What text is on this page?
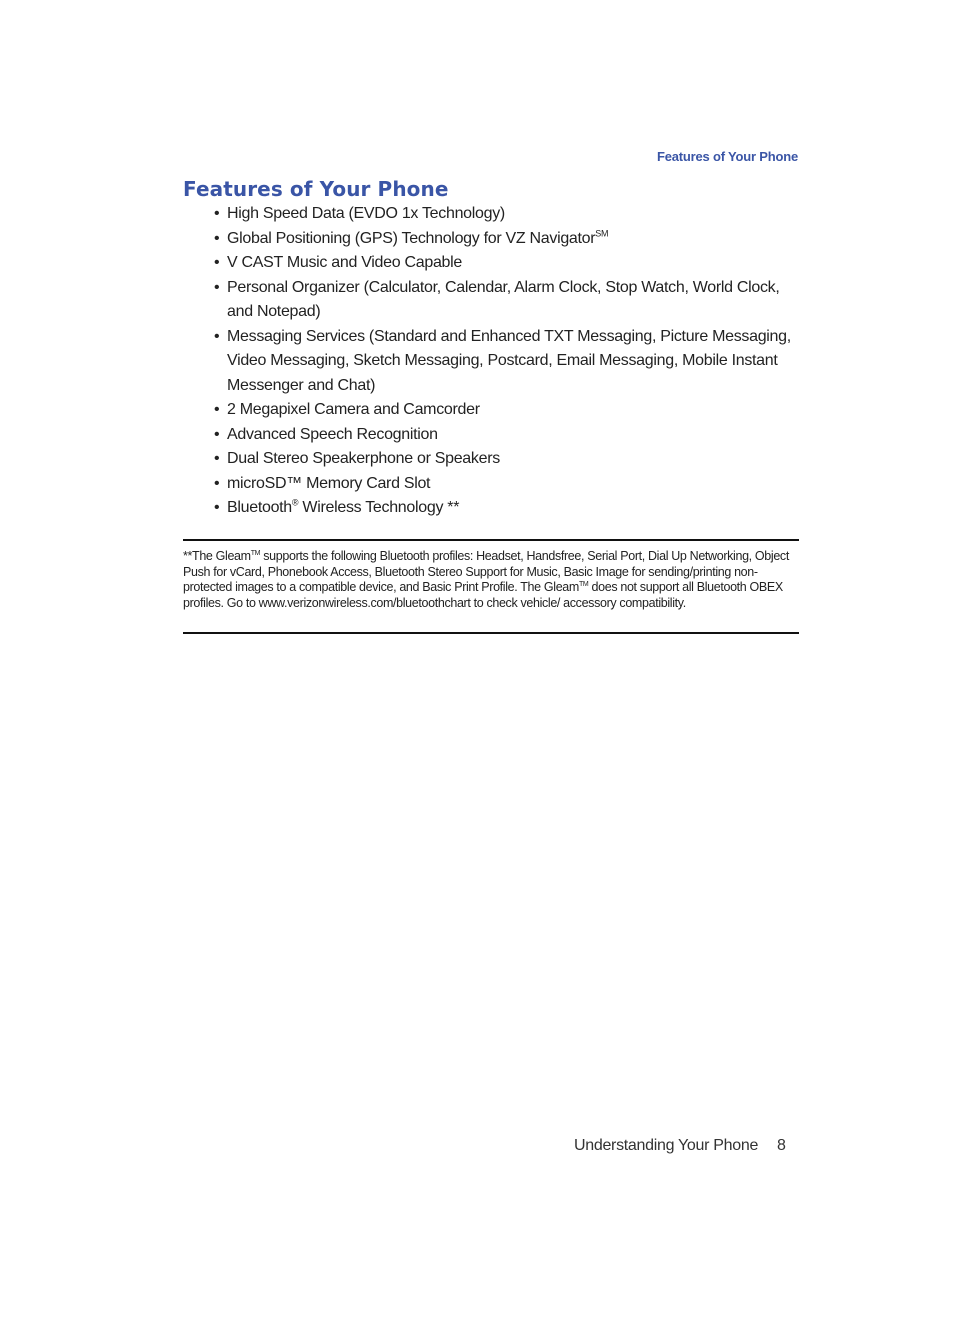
Features of Your Phone
Features of Your Phone
• High Speed Data (EVDO 1x Technology)
• Global Positioning (GPS) Technology for VZ Navigator℠
• V CAST Music and Video Capable
• Personal Organizer (Calculator, Calendar, Alarm Clock, Stop Watch, World Clock, and Notepad)
• Messaging Services (Standard and Enhanced TXT Messaging, Picture Messaging, Video Messaging, Sketch Messaging, Postcard, Email Messaging, Mobile Instant Messenger and Chat)
• 2 Megapixel Camera and Camcorder
• Advanced Speech Recognition
• Dual Stereo Speakerphone or Speakers
• microSD™ Memory Card Slot
• Bluetooth® Wireless Technology **

**The Gleam™ supports the following Bluetooth profiles: Headset, Handsfree, Serial Port, Dial Up Networking, Object Push for vCard, Phonebook Access, Bluetooth Stereo Support for Music, Basic Image for sending/printing non-protected images to a compatible device, and Basic Print Profile. The Gleam™ does not support all Bluetooth OBEX profiles. Go to www.verizonwireless.com/bluetoothchart to check vehicle/ accessory compatibility.

Understanding Your Phone 8
